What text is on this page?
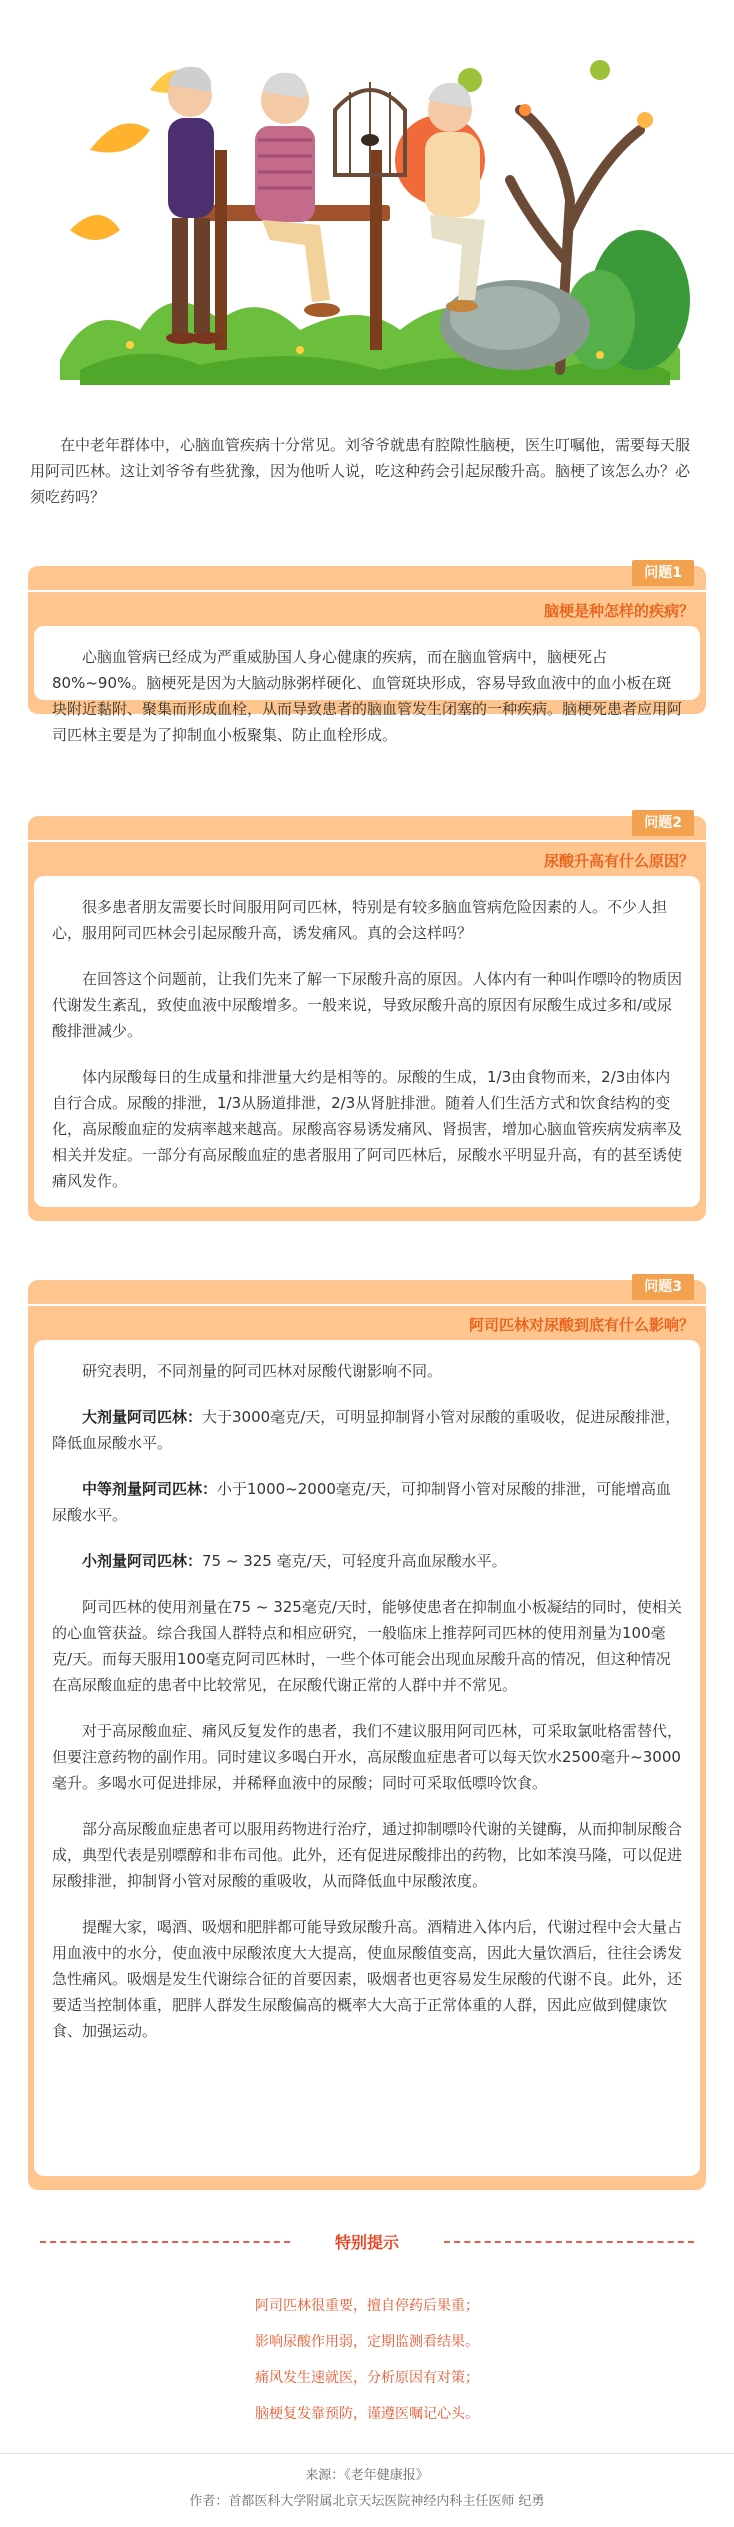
在中老年群体中，心脑血管疾病十分常见。刘爷爷就患有腔隙性脑梗，医生叮嘱他，需要每天服用阿司匹林。这让刘爷爷有些犹豫，因为他听人说，吃这种药会引起尿酸升高。脑梗了该怎么办？必须吃药吗？

问题1
脑梗是种怎样的疾病？

心脑血管病已经成为严重威胁国人身心健康的疾病，而在脑血管病中，脑梗死占80%~90%。脑梗死是因为大脑动脉粥样硬化、血管斑块形成，容易导致血液中的血小板在斑块附近黏附、聚集而形成血栓，从而导致患者的脑血管发生闭塞的一种疾病。脑梗死患者应用阿司匹林主要是为了抑制血小板聚集、防止血栓形成。

问题2
尿酸升高有什么原因？

很多患者朋友需要长时间服用阿司匹林，特别是有较多脑血管病危险因素的人。不少人担心，服用阿司匹林会引起尿酸升高，诱发痛风。真的会这样吗？

在回答这个问题前，让我们先来了解一下尿酸升高的原因。人体内有一种叫作嘌呤的物质因代谢发生紊乱，致使血液中尿酸增多。一般来说，导致尿酸升高的原因有尿酸生成过多和/或尿酸排泄减少。

体内尿酸每日的生成量和排泄量大约是相等的。尿酸的生成，1/3由食物而来，2/3由体内自行合成。尿酸的排泄，1/3从肠道排泄，2/3从肾脏排泄。随着人们生活方式和饮食结构的变化，高尿酸血症的发病率越来越高。尿酸高容易诱发痛风、肾损害，增加心脑血管疾病发病率及相关并发症。一部分有高尿酸血症的患者服用了阿司匹林后，尿酸水平明显升高，有的甚至诱使痛风发作。

问题3
阿司匹林对尿酸到底有什么影响？

研究表明，不同剂量的阿司匹林对尿酸代谢影响不同。

大剂量阿司匹林：大于3000毫克/天，可明显抑制肾小管对尿酸的重吸收，促进尿酸排泄，降低血尿酸水平。

中等剂量阿司匹林：小于1000~2000毫克/天，可抑制肾小管对尿酸的排泄，可能增高血尿酸水平。

小剂量阿司匹林：75 ~ 325 毫克/天，可轻度升高血尿酸水平。

阿司匹林的使用剂量在75 ~ 325毫克/天时，能够使患者在抑制血小板凝结的同时，使相关的心血管获益。综合我国人群特点和相应研究，一般临床上推荐阿司匹林的使用剂量为100毫克/天。而每天服用100毫克阿司匹林时，一些个体可能会出现血尿酸升高的情况，但这种情况在高尿酸血症的患者中比较常见，在尿酸代谢正常的人群中并不常见。

对于高尿酸血症、痛风反复发作的患者，我们不建议服用阿司匹林，可采取氯吡格雷替代，但要注意药物的副作用。同时建议多喝白开水，高尿酸血症患者可以每天饮水2500毫升~3000毫升。多喝水可促进排尿，并稀释血液中的尿酸；同时可采取低嘌呤饮食。

部分高尿酸血症患者可以服用药物进行治疗，通过抑制嘌呤代谢的关键酶，从而抑制尿酸合成，典型代表是别嘌醇和非布司他。此外，还有促进尿酸排出的药物，比如苯溴马隆，可以促进尿酸排泄，抑制肾小管对尿酸的重吸收，从而降低血中尿酸浓度。

提醒大家，喝酒、吸烟和肥胖都可能导致尿酸升高。酒精进入体内后，代谢过程中会大量占用血液中的水分，使血液中尿酸浓度大大提高，使血尿酸值变高，因此大量饮酒后，往往会诱发急性痛风。吸烟是发生代谢综合征的首要因素，吸烟者也更容易发生尿酸的代谢不良。此外，还要适当控制体重，肥胖人群发生尿酸偏高的概率大大高于正常体重的人群，因此应做到健康饮食、加强运动。

特别提示
阿司匹林很重要，擅自停药后果重；
影响尿酸作用弱，定期监测看结果。
痛风发生速就医，分析原因有对策；
脑梗复发靠预防，谨遵医嘱记心头。
来源：《老年健康报》
作者：首都医科大学附属北京天坛医院神经内科主任医师 纪勇
